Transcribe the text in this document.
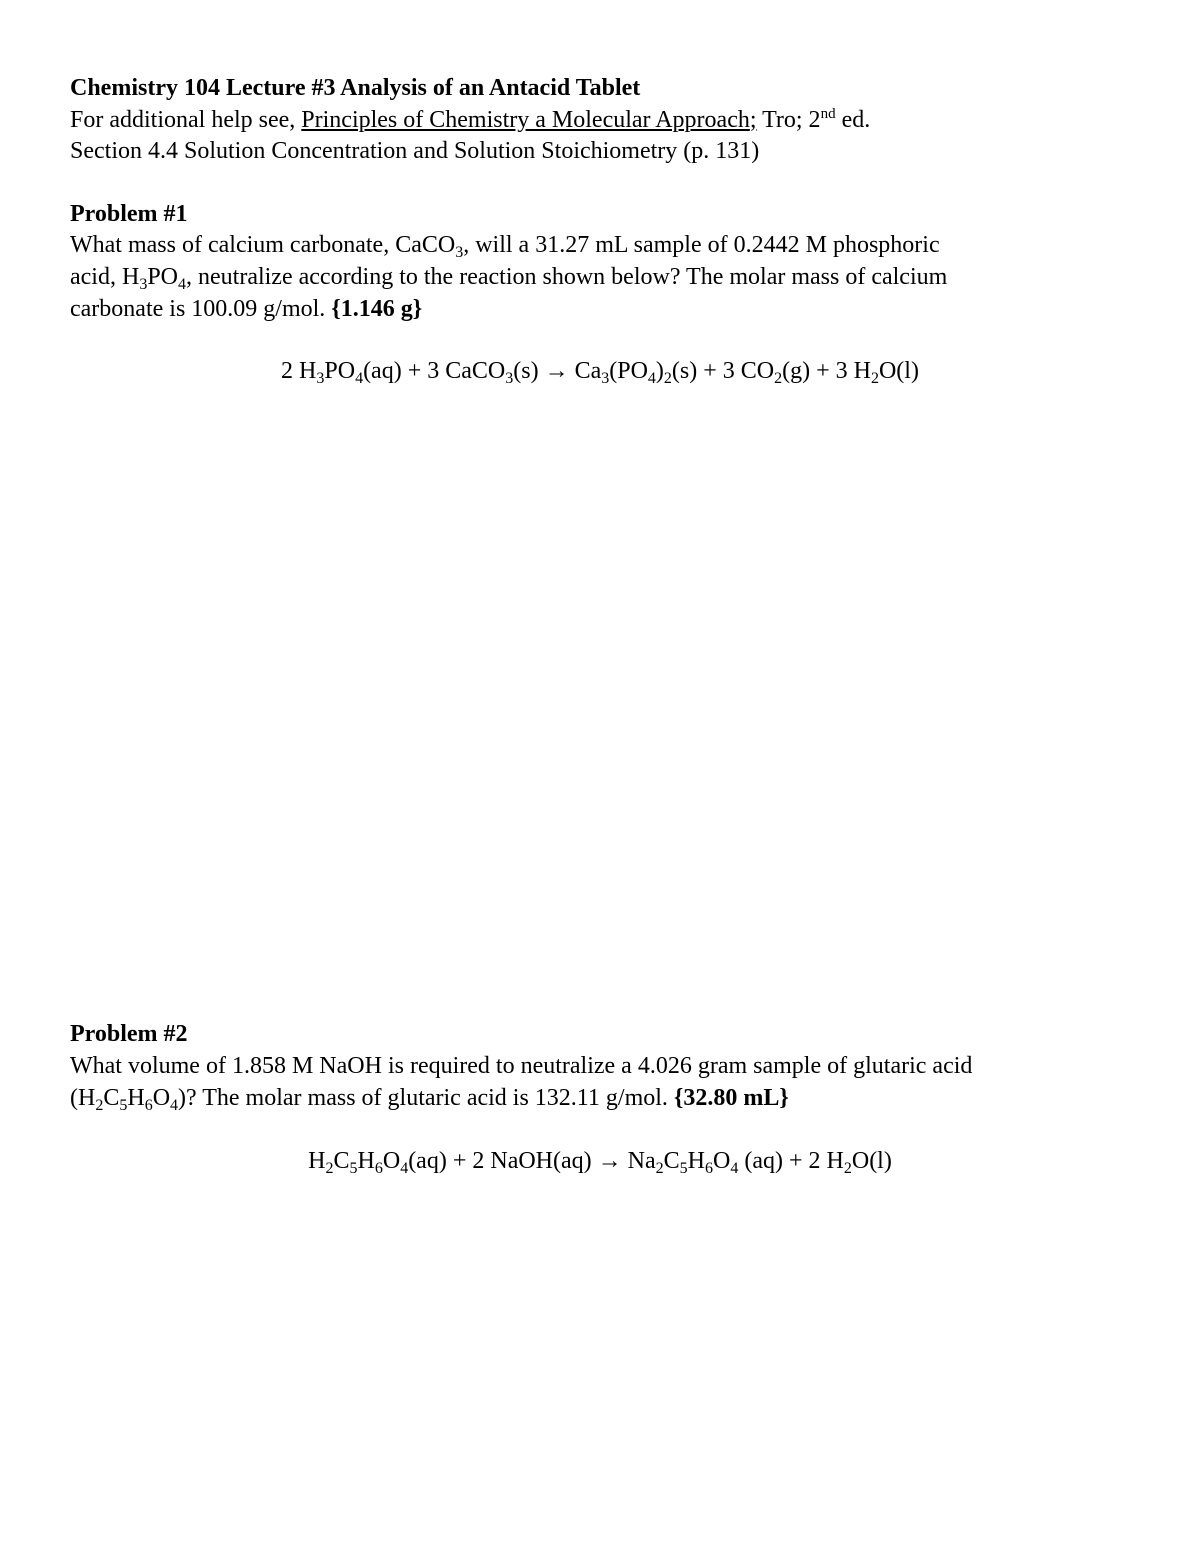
Chemistry 104 Lecture #3 Analysis of an Antacid Tablet
For additional help see, Principles of Chemistry a Molecular Approach; Tro; 2nd ed.
Section 4.4 Solution Concentration and Solution Stoichiometry (p. 131)
Problem #1
What mass of calcium carbonate, CaCO$_3$, will a 31.27 mL sample of 0.2442 M phosphoric
acid, $H_3PO_4$, neutralize according to the reaction shown below? The molar mass of calcium
carbonate is 100.09 g/mol. {1.146 g}
2 $H_3PO_4(aq) + 3$ CaCO$_3$(s) → $Ca_3(PO_4)_2(s) + 3$ $CO_2(g) + 3$ $H_2O(l)$
Problem #2
What volume of 1.858 M NaOH is required to neutralize a 4.026 gram sample of glutaric acid
$(H_2C_5H_6O_4)$? The molar mass of glutaric acid is 132.11 g/mol. {32.80 mL}
$H_2C_5H_6O_4(aq) + 2$ NaOH(aq) → $Na_2C_5H_6O_4$ (aq) + 2 $H_2O(l)$
